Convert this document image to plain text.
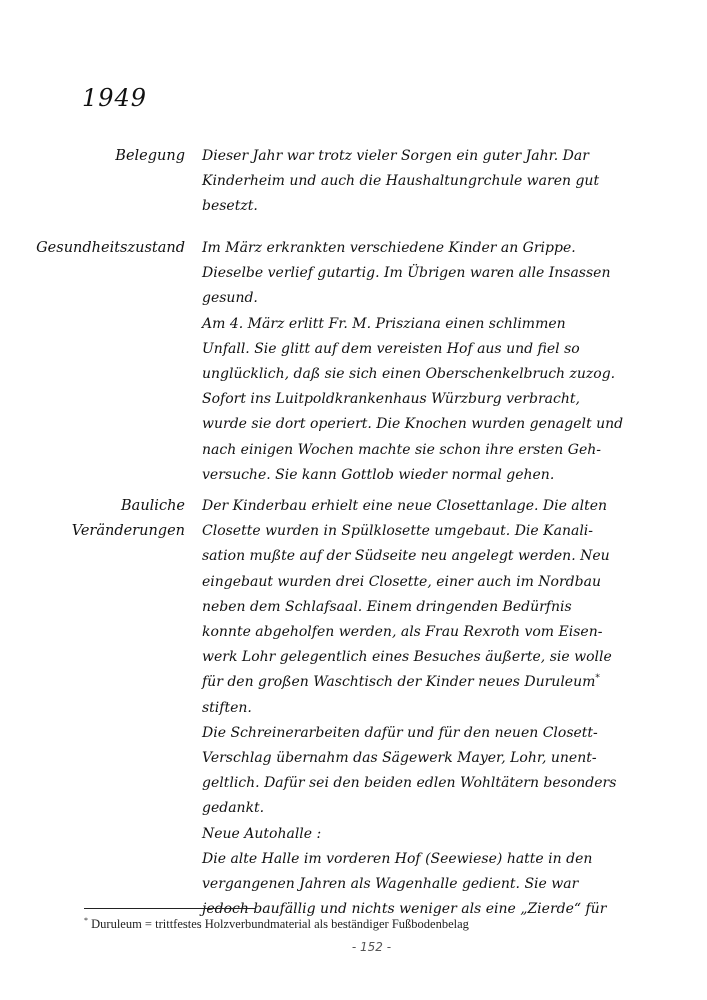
1949
Belegung Dieser Jahr war trotz vieler Sorgen ein guter Jahr. Dar
Kinderheim und auch die Haushaltungrchule waren gut
besetzt.
Gesundheitszustand Im März erkrankten verschiedene Kinder an Grippe.
Dieselbe verlief gutartig. Im Übrigen waren alle Insassen
gesund.
Am 4. März erlitt Fr. M. Prisziana einen schlimmen
Unfall. Sie glitt auf dem vereisten Hof aus und fiel so
unglücklich, daß sie sich einen Oberschenkelbruch zuzog.
Sofort ins Luitpoldkrankenhaus Würzburg verbracht,
wurde sie dort operiert. Die Knochen wurden genagelt und
nach einigen Wochen machte sie schon ihre ersten Geh-
versuche. Sie kann Gottlob wieder normal gehen.
Bauliche
Veränderungen
Der Kinderbau erhielt eine neue Closettanlage. Die alten
Closette wurden in Spülklosette umgebaut. Die Kanali-
sation mußte auf der Südseite neu angelegt werden. Neu
eingebaut wurden drei Closette, einer auch im Nordbau
neben dem Schlafsaal. Einem dringenden Bedürfnis
konnte abgeholfen werden, als Frau Rexroth vom Eisen-
werk Lohr gelegentlich eines Besuches äußerte, sie wolle
für den großen Waschtisch der Kinder neues Duruleum*
stiften.
Die Schreinerarbeiten dafür und für den neuen Closett-
Verschlag übernahm das Sägewerk Mayer, Lohr, unent-
geltlich. Dafür sei den beiden edlen Wohltätern besonders
gedankt.
Neue Autohalle :
Die alte Halle im vorderen Hof (Seewiese) hatte in den
vergangenen Jahren als Wagenhalle gedient. Sie war
jedoch baufällig und nichts weniger als eine „Zierde“ für
* Duruleum = trittfestes Holzverbundmaterial als beständiger Fußbodenbelag
- 152 -
